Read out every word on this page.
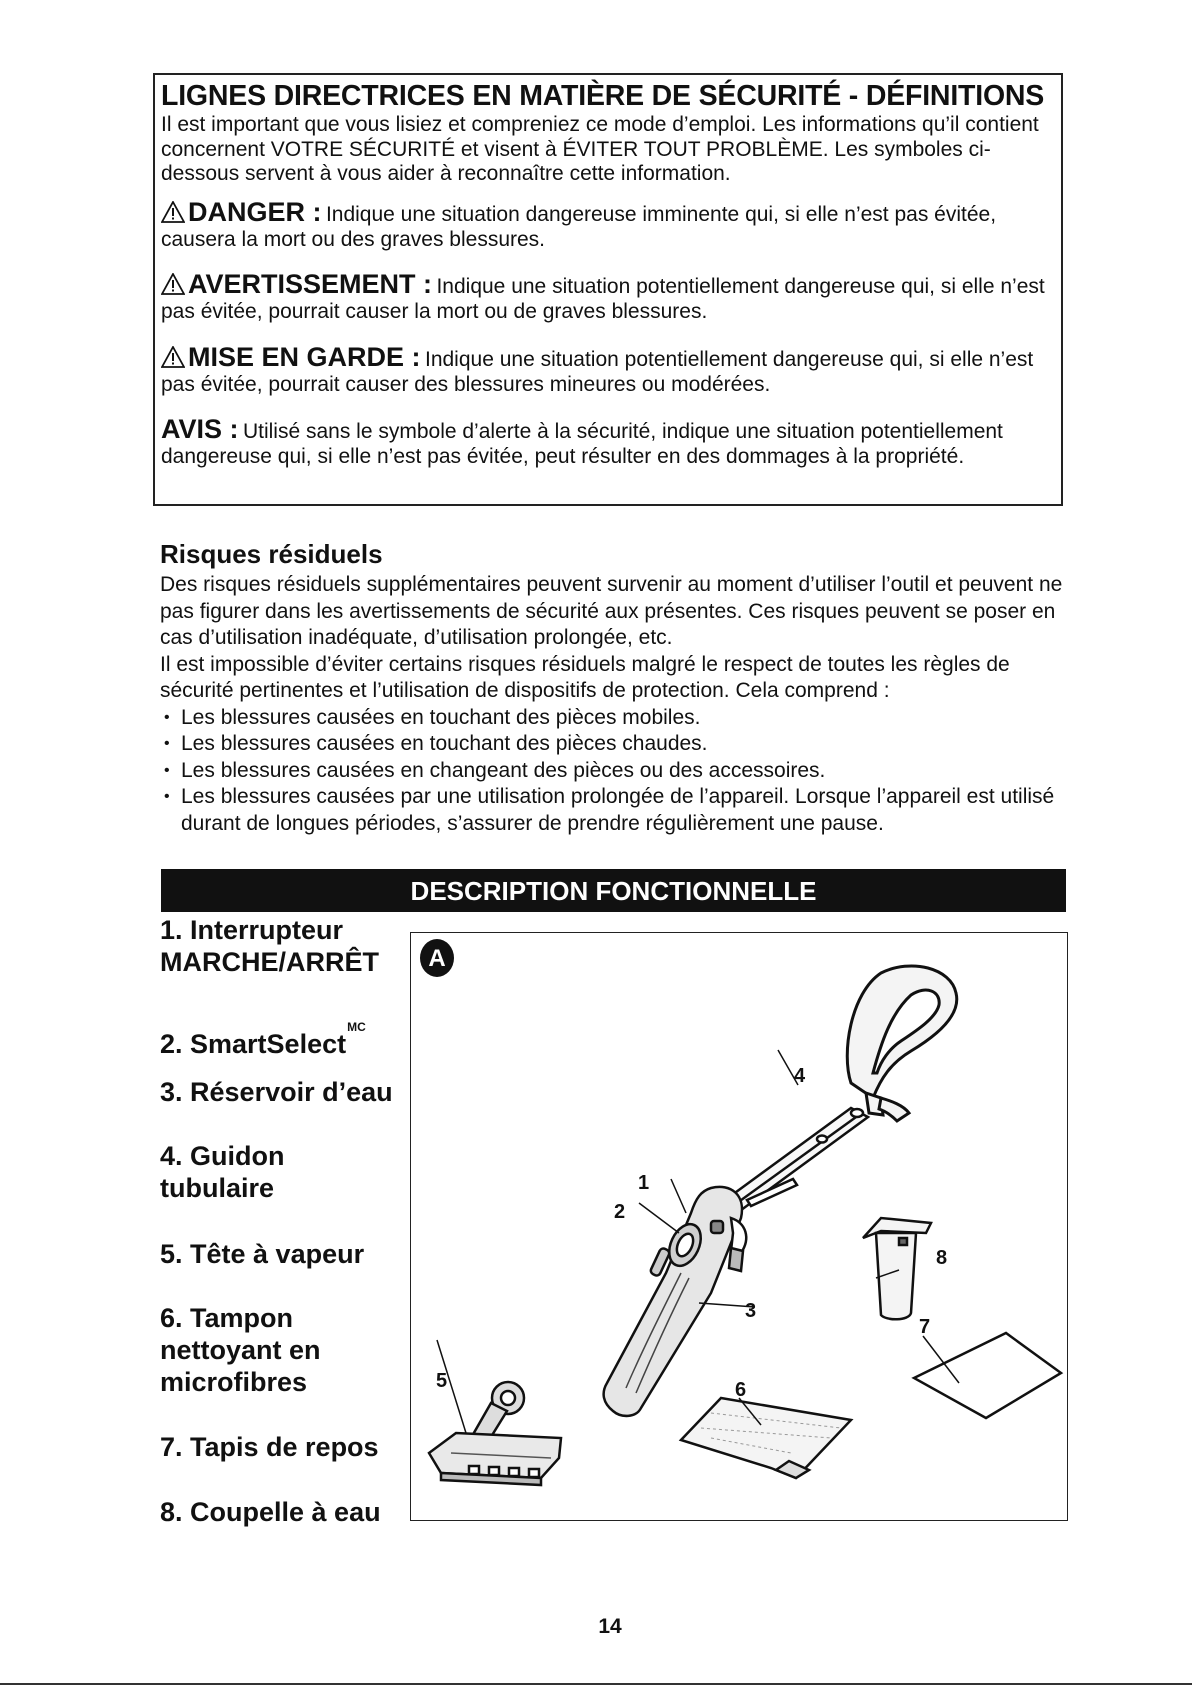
LIGNES DIRECTRICES EN MATIÈRE DE SÉCURITÉ - DÉFINITIONS

Il est important que vous lisiez et compreniez ce mode d’emploi. Les informations qu’il contient concernent VOTRE SÉCURITÉ et visent à ÉVITER TOUT PROBLÈME. Les symboles ci-dessous servent à vous aider à reconnaître cette information.

DANGER : Indique une situation dangereuse imminente qui, si elle n’est pas évitée, causera la mort ou des graves blessures.
AVERTISSEMENT : Indique une situation potentiellement dangereuse qui, si elle n’est pas évitée, pourrait causer la mort ou de graves blessures.
MISE EN GARDE : Indique une situation potentiellement dangereuse qui, si elle n’est pas évitée, pourrait causer des blessures mineures ou modérées.
AVIS : Utilisé sans le symbole d’alerte à la sécurité, indique une situation potentiellement dangereuse qui, si elle n’est pas évitée, peut résulter en des dommages à la propriété.
Risques résiduels

Des risques résiduels supplémentaires peuvent survenir au moment d’utiliser l’outil et peuvent ne pas figurer dans les avertissements de sécurité aux présentes. Ces risques peuvent se poser en cas d’utilisation inadéquate, d’utilisation prolongée, etc.

Il est impossible d’éviter certains risques résiduels malgré le respect de toutes les règles de sécurité pertinentes et l’utilisation de dispositifs de protection. Cela comprend :

• Les blessures causées en touchant des pièces mobiles.
• Les blessures causées en touchant des pièces chaudes.
• Les blessures causées en changeant des pièces ou des accessoires.
• Les blessures causées par une utilisation prolongée de l’appareil. Lorsque l’appareil est utilisé durant de longues périodes, s’assurer de prendre régulièrement une pause.
DESCRIPTION FONCTIONNELLE
1. Interrupteur
MARCHE/ARRÊT
2. SmartSelect$^{MC}$
3. Réservoir d’eau
4. Guidon
tubulaire
5. Tête à vapeur
6. Tampon
nettoyant en
microfibres
7. Tapis de repos
8. Coupelle à eau
A
1
2
3
4
5	6
7
8
14
